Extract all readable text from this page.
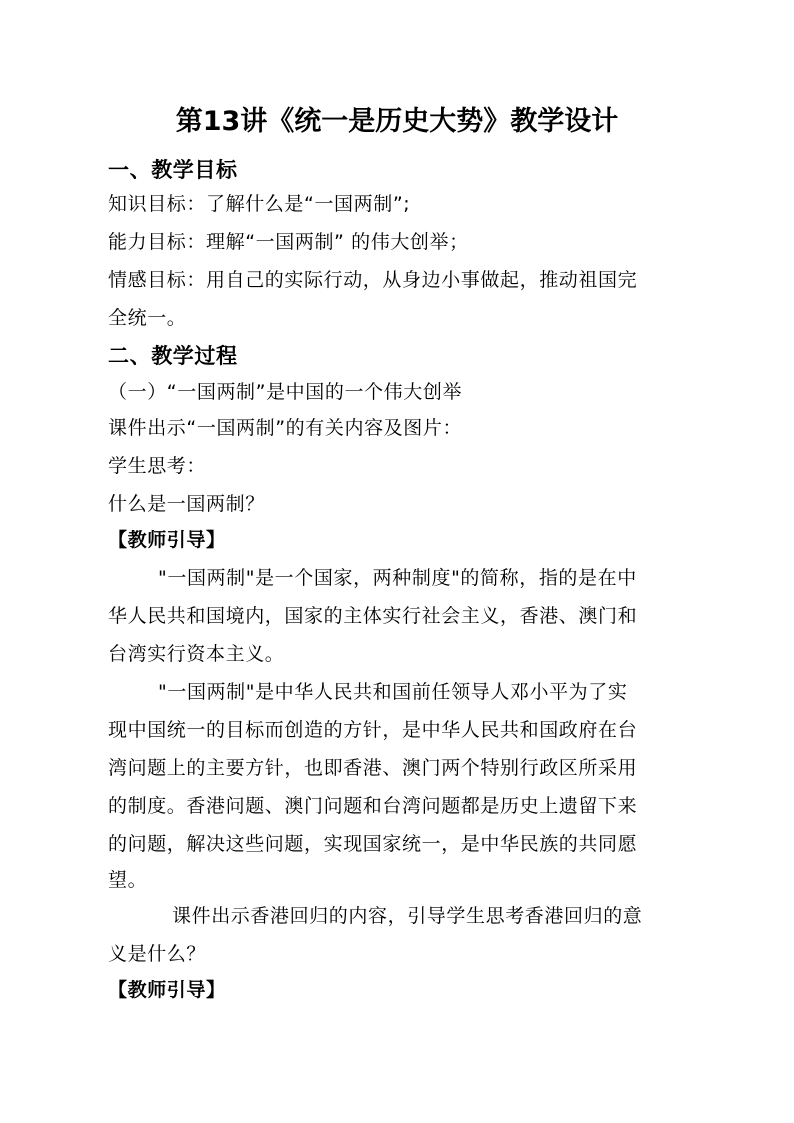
第13讲《统一是历史大势》教学设计
一、教学目标
知识目标：了解什么是“一国两制”;
能力目标：理解“一国两制” 的伟大创举；
情感目标：用自己的实际行动，从身边小事做起，推动祖国完
全统一。
二、教学过程
（一）“一国两制”是中国的一个伟大创举
课件出示“一国两制”的有关内容及图片：
学生思考：
什么是一国两制？
【教师引导】
"一国两制"是一个国家，两种制度"的简称，指的是在中
华人民共和国境内，国家的主体实行社会主义，香港、澳门和
台湾实行资本主义。
"一国两制"是中华人民共和国前任领导人邓小平为了实
现中国统一的目标而创造的方针，是中华人民共和国政府在台
湾问题上的主要方针，也即香港、澳门两个特别行政区所采用
的制度。香港问题、澳门问题和台湾问题都是历史上遗留下来
的问题，解决这些问题，实现国家统一，是中华民族的共同愿
望。
课件出示香港回归的内容，引导学生思考香港回归的意
义是什么？
【教师引导】
